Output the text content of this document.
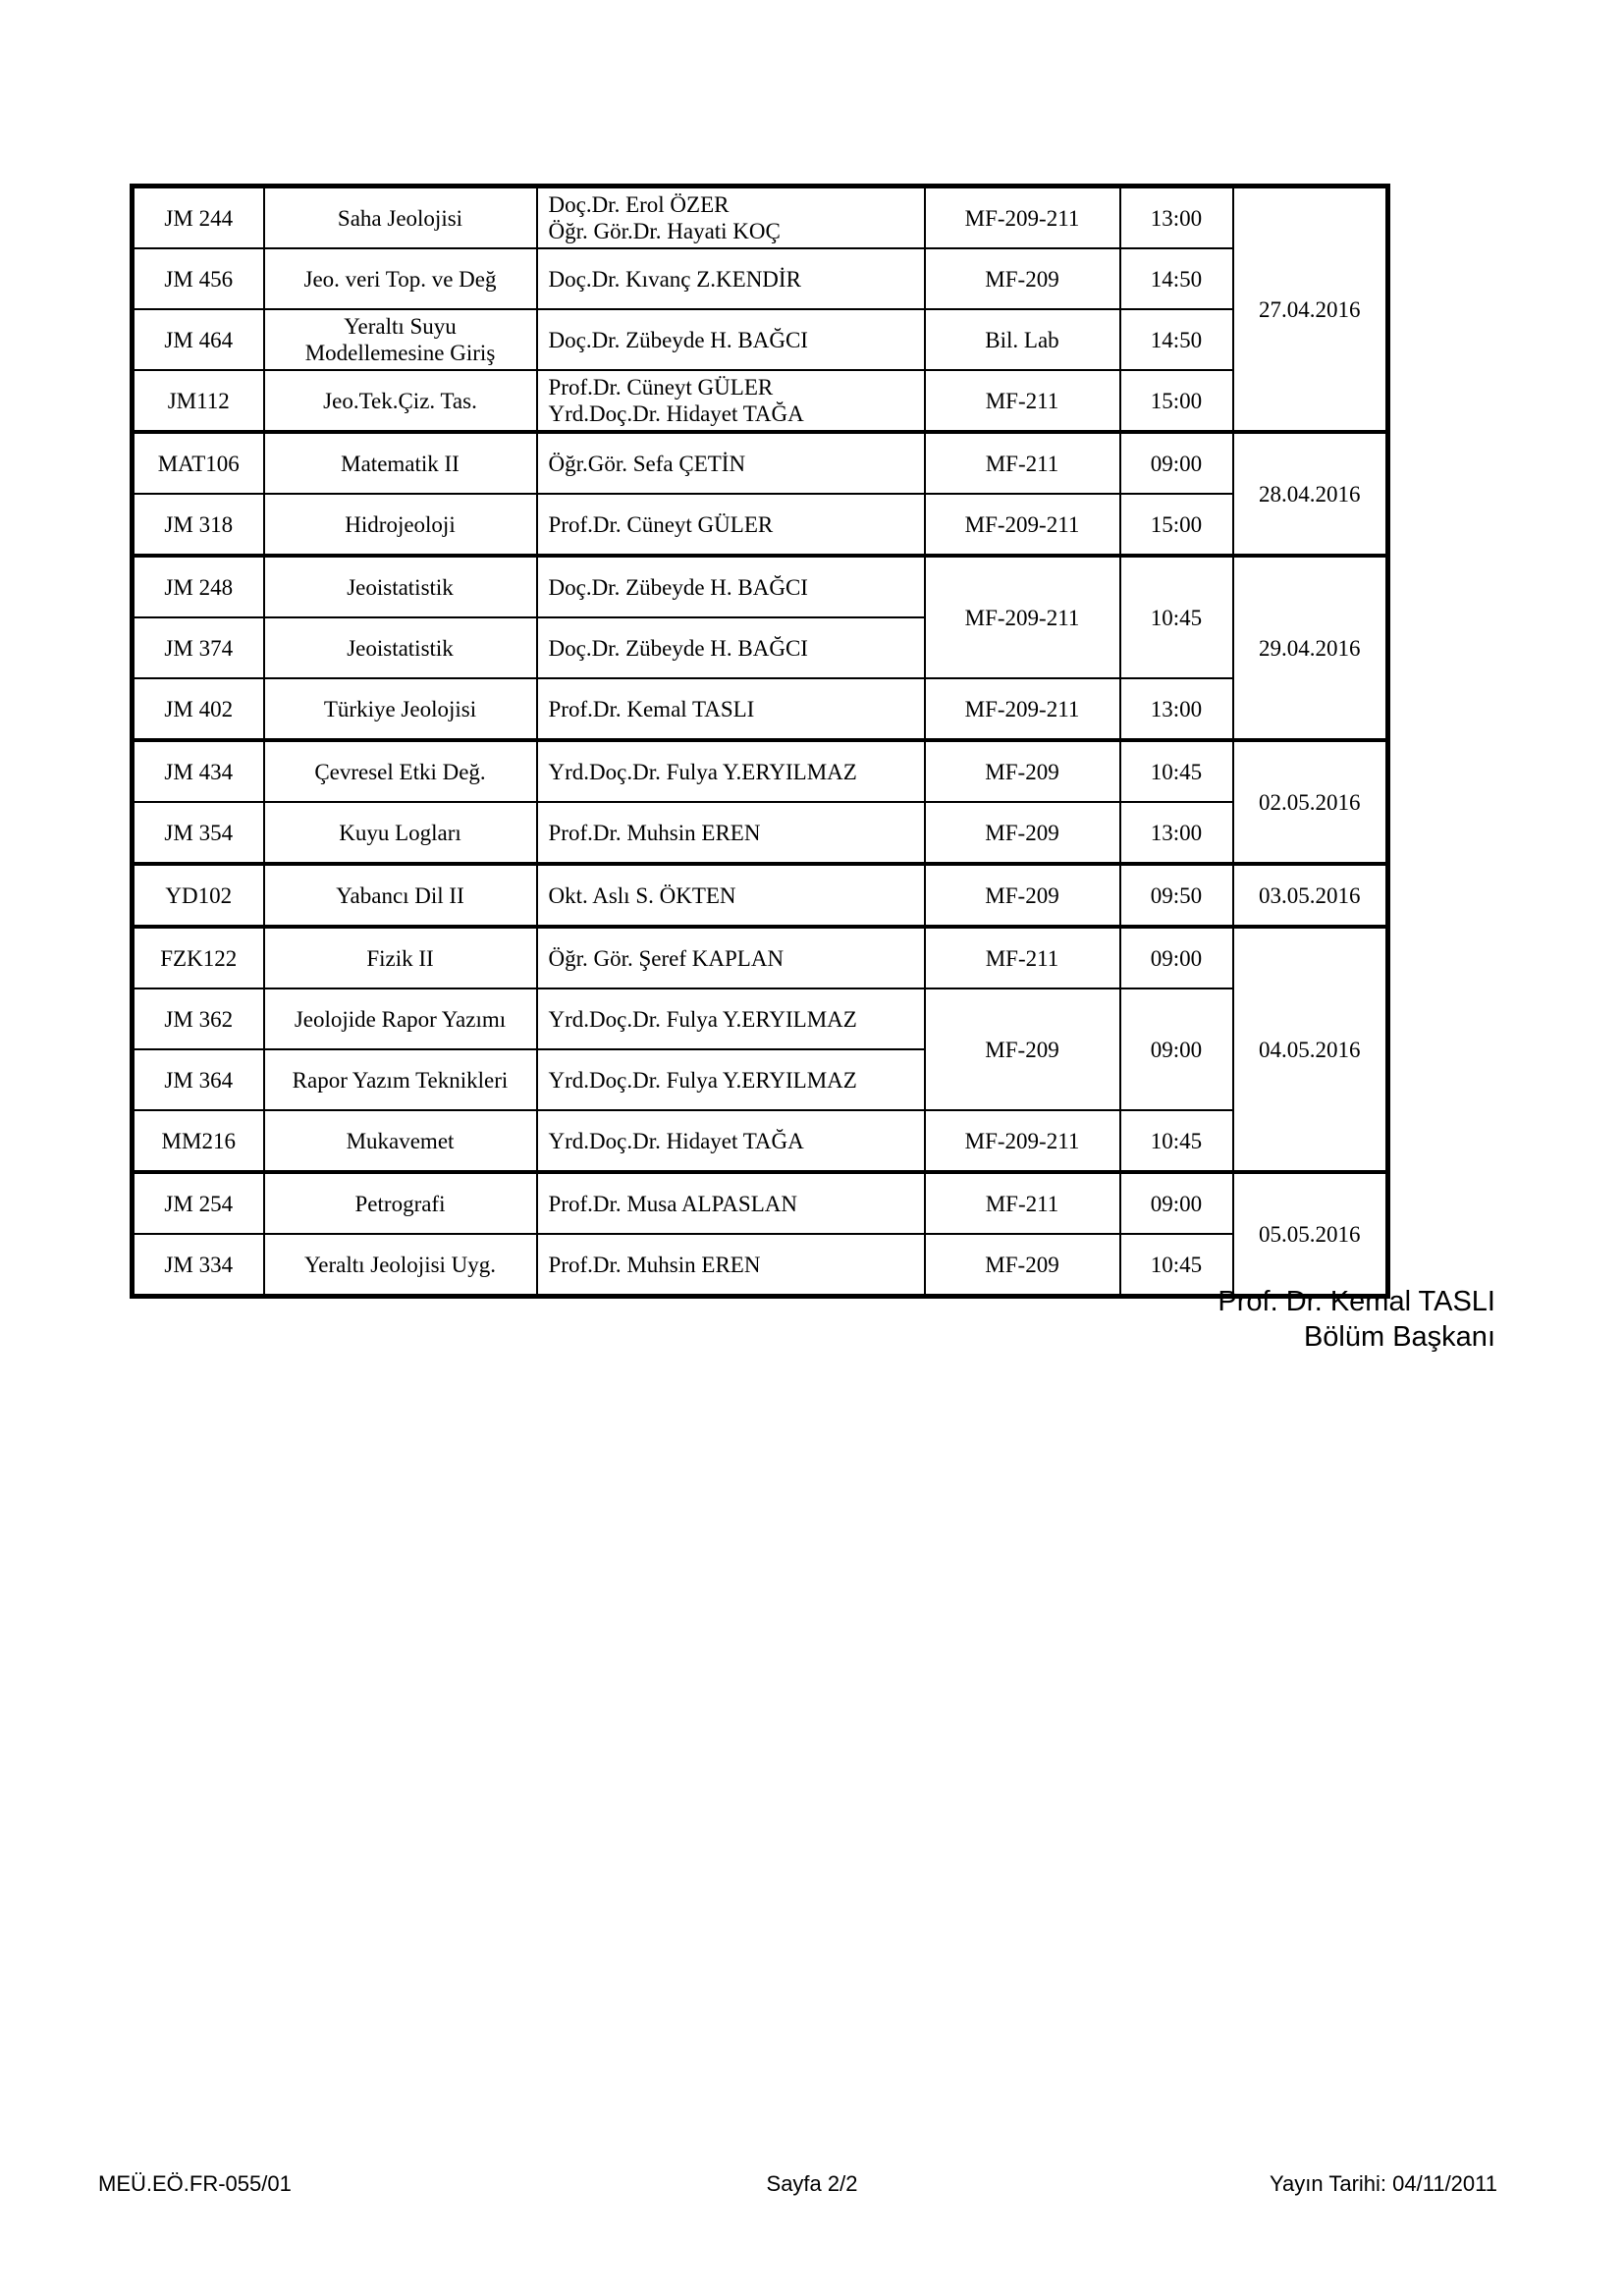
JM 244	Saha Jeolojisi	Doç.Dr. Erol ÖZER
Öğr. Gör.Dr. Hayati KOÇ	MF-209-211	13:00	27.04.2016
JM 456	Jeo. veri Top. ve Değ	Doç.Dr. Kıvanç Z.KENDİR	MF-209	14:50	
JM 464	Yeraltı Suyu
Modellemesine Giriş	Doç.Dr. Zübeyde H. BAĞCI	Bil. Lab	14:50	
JM112	Jeo.Tek.Çiz. Tas.	Prof.Dr. Cüneyt GÜLER
Yrd.Doç.Dr. Hidayet TAĞA	MF-211	15:00	
MAT106	Matematik II	Öğr.Gör. Sefa ÇETİN	MF-211	09:00	28.04.2016
JM 318	Hidrojeoloji	Prof.Dr. Cüneyt GÜLER	MF-209-211	15:00	
JM 248	Jeoistatistik	Doç.Dr. Zübeyde H. BAĞCI	MF-209-211	10:45	29.04.2016
JM 374	Jeoistatistik	Doç.Dr. Zübeyde H. BAĞCI			
JM 402	Türkiye Jeolojisi	Prof.Dr. Kemal TASLI	MF-209-211	13:00	
JM 434	Çevresel Etki Değ.	Yrd.Doç.Dr. Fulya Y.ERYILMAZ	MF-209	10:45	02.05.2016
JM 354	Kuyu Logları	Prof.Dr. Muhsin EREN	MF-209	13:00	
YD102	Yabancı Dil II	Okt. Aslı S. ÖKTEN	MF-209	09:50	03.05.2016
FZK122	Fizik II	Öğr. Gör. Şeref KAPLAN	MF-211	09:00	04.05.2016
JM 362	Jeolojide Rapor Yazımı	Yrd.Doç.Dr. Fulya Y.ERYILMAZ	MF-209	09:00	
JM 364	Rapor Yazım Teknikleri	Yrd.Doç.Dr. Fulya Y.ERYILMAZ			
MM216	Mukavemet	Yrd.Doç.Dr. Hidayet TAĞA	MF-209-211	10:45	
JM 254	Petrografi	Prof.Dr. Musa ALPASLAN	MF-211	09:00	05.05.2016
JM 334	Yeraltı Jeolojisi Uyg.	Prof.Dr. Muhsin EREN	MF-209	10:45	
Prof. Dr. Kemal TASLI
Bölüm Başkanı
MEÜ.EÖ.FR-055/01	Sayfa 2/2	Yayın Tarihi: 04/11/2011
